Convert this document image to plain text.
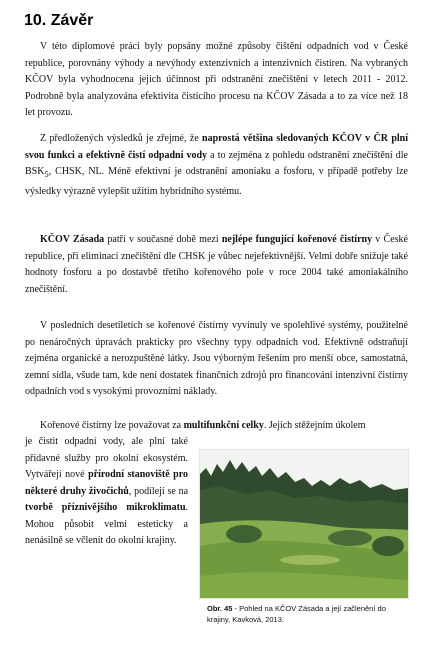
10. Závěr

V této diplomové práci byly popsány možné způsoby čištění odpadních vod v České republice, porovnány výhody a nevýhody extenzivních a intenzivních čistíren. Na vybraných KČOV byla vyhodnocena jejich účinnost při odstranění znečištění v letech 2011 - 2012. Podrobně byla analyzována efektivita čisticího procesu na KČOV Zásada a to za více než 18 let provozu.

Z předložených výsledků je zřejmé, že naprostá většina sledovaných KČOV v ČR plní svou funkci a efektivně čistí odpadní vody a to zejména z pohledu odstranění znečištění dle $BSK_5$, CHSK, NL. Méně efektivní je odstranění amoniaku a fosforu, v případě potřeby lze výsledky výrazně vylepšit užitím hybridního systému.

KČOV Zásada patří v současné době mezi nejlépe fungující kořenové čistírny v České republice, při eliminaci znečištění dle CHSK je vůbec nejefektivnější. Velmi dobře snižuje také hodnoty fosforu a po dostavbě třetího kořenového pole v roce 2004 také amoniakálního znečištění.

V posledních desetiletích se kořenové čistírny vyvinuly ve spolehlivé systémy, použitelné po nenáročných úpravách prakticky pro všechny typy odpadních vod. Efektivně odstraňují zejména organické a nerozpuštěné látky. Jsou výborným řešením pro menší obce, samostatná, zemní sídla, všude tam, kde není dostatek finančních zdrojů pro financování intenzivní čistírny odpadních vod s vysokými provozními náklady.

Kořenové čistírny lze považovat za multifunkční celky. Jejich stěžejním úkolem

je čistit odpadní vody, ale plní také přídavné služby pro okolní ekosystém. Vytvářejí nové přírodní stanoviště pro některé druhy živočichů, podílejí se na tvorbě příznivějšího mikroklimatu. Mohou působit velmi esteticky a nenásilně se včlenit do okolní krajiny.

Obr. 45 - Pohled na KČOV Zásada a její začlenění do krajiny, Kavková, 2013.
